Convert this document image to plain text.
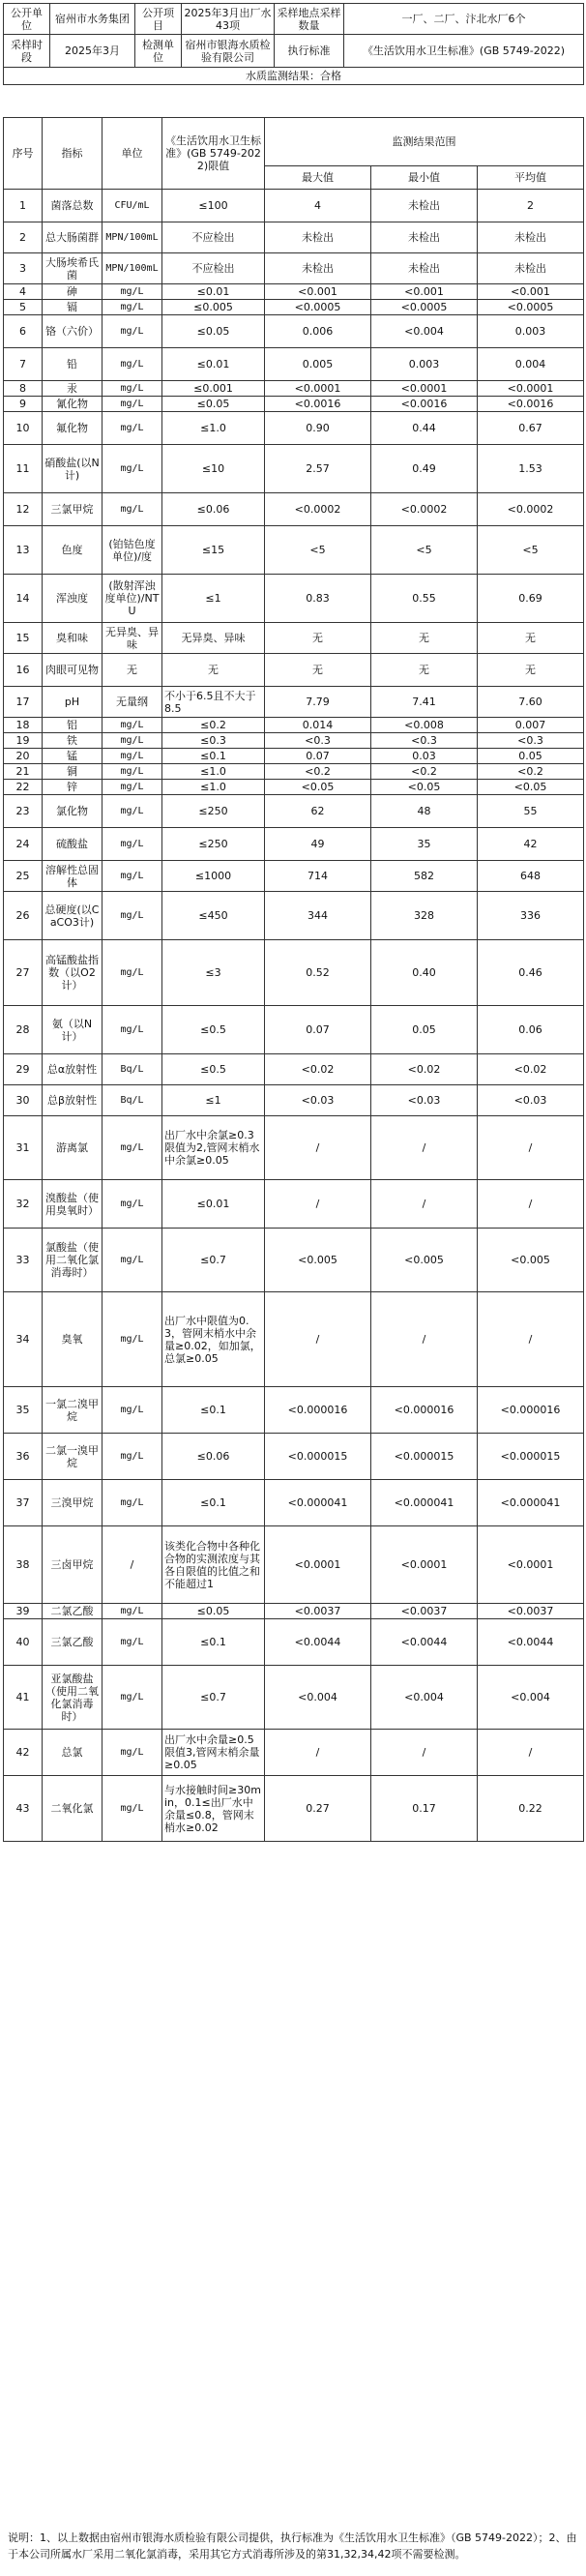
公开单位	宿州市水务集团	公开项目	2025年3月出厂水43项	采样地点采样数量	一厂、二厂、汴北水厂6个
采样时段	2025年3月	检测单位	宿州市银海水质检验有限公司	执行标准	《生活饮用水卫生标准》(GB 5749-2022)
水质监测结果：合格					
序号	指标	单位	《生活饮用水卫生标准》(GB 5749-2022)限值	监测结果范围		
				最大值	最小值	平均值
1	菌落总数	CFU/mL	≤100	4	未检出	2
2	总大肠菌群	MPN/100mL	不应检出	未检出	未检出	未检出
3	大肠埃希氏菌	MPN/100mL	不应检出	未检出	未检出	未检出
4	砷	mg/L	≤0.01	<0.001	<0.001	<0.001
5	镉	mg/L	≤0.005	<0.0005	<0.0005	<0.0005
6	铬（六价）	mg/L	≤0.05	0.006	<0.004	0.003
7	铅	mg/L	≤0.01	0.005	0.003	0.004
8	汞	mg/L	≤0.001	<0.0001	<0.0001	<0.0001
9	氰化物	mg/L	≤0.05	<0.0016	<0.0016	<0.0016
10	氟化物	mg/L	≤1.0	0.90	0.44	0.67
11	硝酸盐(以N计)	mg/L	≤10	2.57	0.49	1.53
12	三氯甲烷	mg/L	≤0.06	<0.0002	<0.0002	<0.0002
13	色度	(铂钴色度单位)/度	≤15	<5	<5	<5
14	浑浊度	(散射浑浊度单位)/NTU	≤1	0.83	0.55	0.69
15	臭和味	无异臭、异味	无异臭、异味	无	无	无
16	肉眼可见物	无	无	无	无	无
17	pH	无量纲	不小于6.5且不大于8.5	7.79	7.41	7.60
18	铝	mg/L	≤0.2	0.014	<0.008	0.007
19	铁	mg/L	≤0.3	<0.3	<0.3	<0.3
20	锰	mg/L	≤0.1	0.07	0.03	0.05
21	铜	mg/L	≤1.0	<0.2	<0.2	<0.2
22	锌	mg/L	≤1.0	<0.05	<0.05	<0.05
23	氯化物	mg/L	≤250	62	48	55
24	硫酸盐	mg/L	≤250	49	35	42
25	溶解性总固体	mg/L	≤1000	714	582	648
26	总硬度(以CaCO3计)	mg/L	≤450	344	328	336
27	高锰酸盐指数（以O2计）	mg/L	≤3	0.52	0.40	0.46
28	氨（以N计）	mg/L	≤0.5	0.07	0.05	0.06
29	总α放射性	Bq/L	≤0.5	<0.02	<0.02	<0.02
30	总β放射性	Bq/L	≤1	<0.03	<0.03	<0.03
31	游离氯	mg/L	出厂水中余氯≥0.3限值为2,管网末梢水中余氯≥0.05	/	/	/
32	溴酸盐（使用臭氧时）	mg/L	≤0.01	/	/	/
33	氯酸盐（使用二氧化氯消毒时）	mg/L	≤0.7	<0.005	<0.005	<0.005
34	臭氧	mg/L	出厂水中限值为0.3，管网末梢水中余量≥0.02，如加氯，总氯≥0.05	/	/	/
35	一氯二溴甲烷	mg/L	≤0.1	<0.000016	<0.000016	<0.000016
36	二氯一溴甲烷	mg/L	≤0.06	<0.000015	<0.000015	<0.000015
37	三溴甲烷	mg/L	≤0.1	<0.000041	<0.000041	<0.000041
38	三卤甲烷	/	该类化合物中各种化合物的实测浓度与其各自限值的比值之和不能超过1	<0.0001	<0.0001	<0.0001
39	二氯乙酸	mg/L	≤0.05	<0.0037	<0.0037	<0.0037
40	三氯乙酸	mg/L	≤0.1	<0.0044	<0.0044	<0.0044
41	亚氯酸盐（使用二氧化氯消毒时）	mg/L	≤0.7	<0.004	<0.004	<0.004
42	总氯	mg/L	出厂水中余量≥0.5限值3,管网末梢余量≥0.05	/	/	/
43	二氧化氯	mg/L	与水接触时间≥30min，0.1≤出厂水中余量≤0.8，管网末梢水≥0.02	0.27	0.17	0.22
说明：1、以上数据由宿州市银海水质检验有限公司提供，执行标准为《生活饮用水卫生标准》（GB 5749-2022）；2、由于本公司所属水厂采用二氧化氯消毒，采用其它方式消毒所涉及的第31,32,34,42项不需要检测。
